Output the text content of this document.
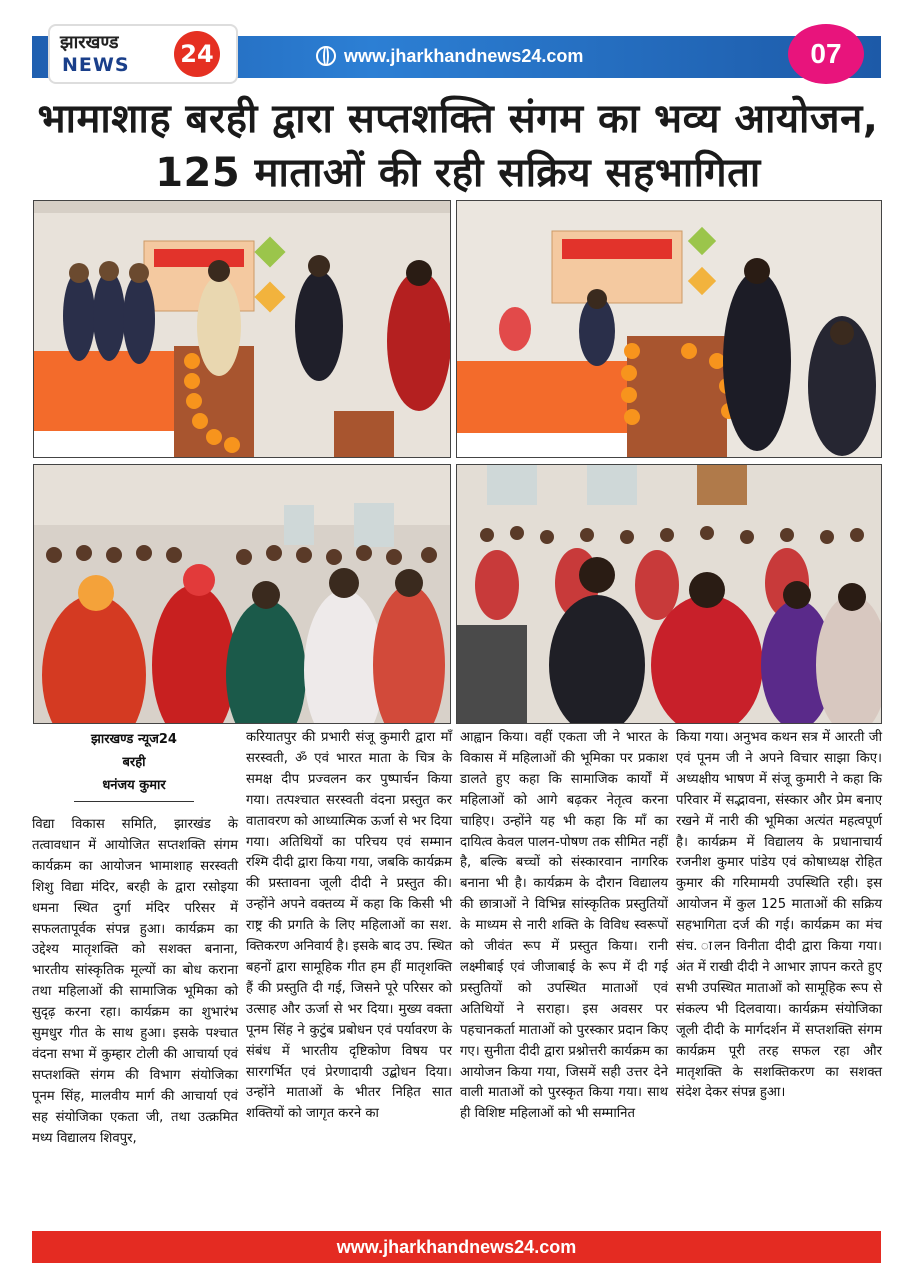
झारखण्ड
NEWS 24	www.jharkhandnews24.com	07
भामाशाह बरही द्वारा सप्तशक्ति संगम का भव्य आयोजन, 125 माताओं की रही सक्रिय सहभागिता
झारखण्ड न्यूज24
बरही
धनंजय कुमार
विद्या विकास समिति, झारखंड के तत्वावधान में आयोजित सप्तशक्ति संगम कार्यक्रम का आयोजन भामाशाह सरस्वती शिशु विद्या मंदिर, बरही के द्वारा रसोइया धमना स्थित दुर्गा मंदिर परिसर में सफलतापूर्वक संपन्न हुआ। कार्यक्रम का उद्देश्य मातृशक्ति को सशक्त बनाना, भारतीय सांस्कृतिक मूल्यों का बोध कराना तथा महिलाओं की सामाजिक भूमिका को सुदृढ़ करना रहा। कार्यक्रम का शुभारंभ सुमधुर गीत के साथ हुआ। इसके पश्चात वंदना सभा में कुम्हार टोली की आचार्या एवं सप्तशक्ति संगम की विभाग संयोजिका पूनम सिंह, मालवीय मार्ग की आचार्या एवं सह संयोजिका एकता जी, तथा उत्क्रमित मध्य विद्यालय शिवपुर,
करियातपुर की प्रभारी संजू कुमारी द्वारा माँ सरस्वती, ॐ एवं भारत माता के चित्र के समक्ष दीप प्रज्वलन कर पुष्पार्चन किया गया। तत्पश्चात सरस्वती वंदना प्रस्तुत कर वातावरण को आध्यात्मिक ऊर्जा से भर दिया गया। अतिथियों का परिचय एवं सम्मान रश्मि दीदी द्वारा किया गया, जबकि कार्यक्रम की प्रस्तावना जूली दीदी ने प्रस्तुत की। उन्होंने अपने वक्तव्य में कहा कि किसी भी राष्ट्र की प्रगति के लिए महिलाओं का सश. क्तिकरण अनिवार्य है। इसके बाद उप. स्थित बहनों द्वारा सामूहिक गीत हम हीं मातृशक्ति हैं की प्रस्तुति दी गई, जिसने पूरे परिसर को उत्साह और ऊर्जा से भर दिया। मुख्य वक्ता पूनम सिंह ने कुटुंब प्रबोधन एवं पर्यावरण के संबंध में भारतीय दृष्टिकोण विषय पर सारगर्भित एवं प्रेरणादायी उद्बोधन दिया। उन्होंने माताओं के भीतर निहित सात शक्तियों को जागृत करने का
आह्वान किया। वहीं एकता जी ने भारत के विकास में महिलाओं की भूमिका पर प्रकाश डालते हुए कहा कि सामाजिक कार्यों में महिलाओं को आगे बढ़कर नेतृत्व करना चाहिए। उन्होंने यह भी कहा कि माँ का दायित्व केवल पालन-पोषण तक सीमित नहीं है, बल्कि बच्चों को संस्कारवान नागरिक बनाना भी है। कार्यक्रम के दौरान विद्यालय की छात्राओं ने विभिन्न सांस्कृतिक प्रस्तुतियों के माध्यम से नारी शक्ति के विविध स्वरूपों को जीवंत रूप में प्रस्तुत किया। रानी लक्ष्मीबाई एवं जीजाबाई के रूप में दी गई प्रस्तुतियों को उपस्थित माताओं एवं अतिथियों ने सराहा। इस अवसर पर पहचानकर्ता माताओं को पुरस्कार प्रदान किए गए। सुनीता दीदी द्वारा प्रश्नोत्तरी कार्यक्रम का आयोजन किया गया, जिसमें सही उत्तर देने वाली माताओं को पुरस्कृत किया गया। साथ ही विशिष्ट महिलाओं को भी सम्मानित
किया गया। अनुभव कथन सत्र में आरती जी एवं पूनम जी ने अपने विचार साझा किए। अध्यक्षीय भाषण में संजू कुमारी ने कहा कि परिवार में सद्भावना, संस्कार और प्रेम बनाए रखने में नारी की भूमिका अत्यंत महत्वपूर्ण है। कार्यक्रम में विद्यालय के प्रधानाचार्य रजनीश कुमार पांडेय एवं कोषाध्यक्ष रोहित कुमार की गरिमामयी उपस्थिति रही। इस आयोजन में कुल 125 माताओं की सक्रिय सहभागिता दर्ज की गई। कार्यक्रम का मंच संच. ालन विनीता दीदी द्वारा किया गया। अंत में राखी दीदी ने आभार ज्ञापन करते हुए सभी उपस्थित माताओं को सामूहिक रूप से संकल्प भी दिलवाया। कार्यक्रम संयोजिका जूली दीदी के मार्गदर्शन में सप्तशक्ति संगम कार्यक्रम पूरी तरह सफल रहा और मातृशक्ति के सशक्तिकरण का सशक्त संदेश देकर संपन्न हुआ।
www.jharkhandnews24.com
